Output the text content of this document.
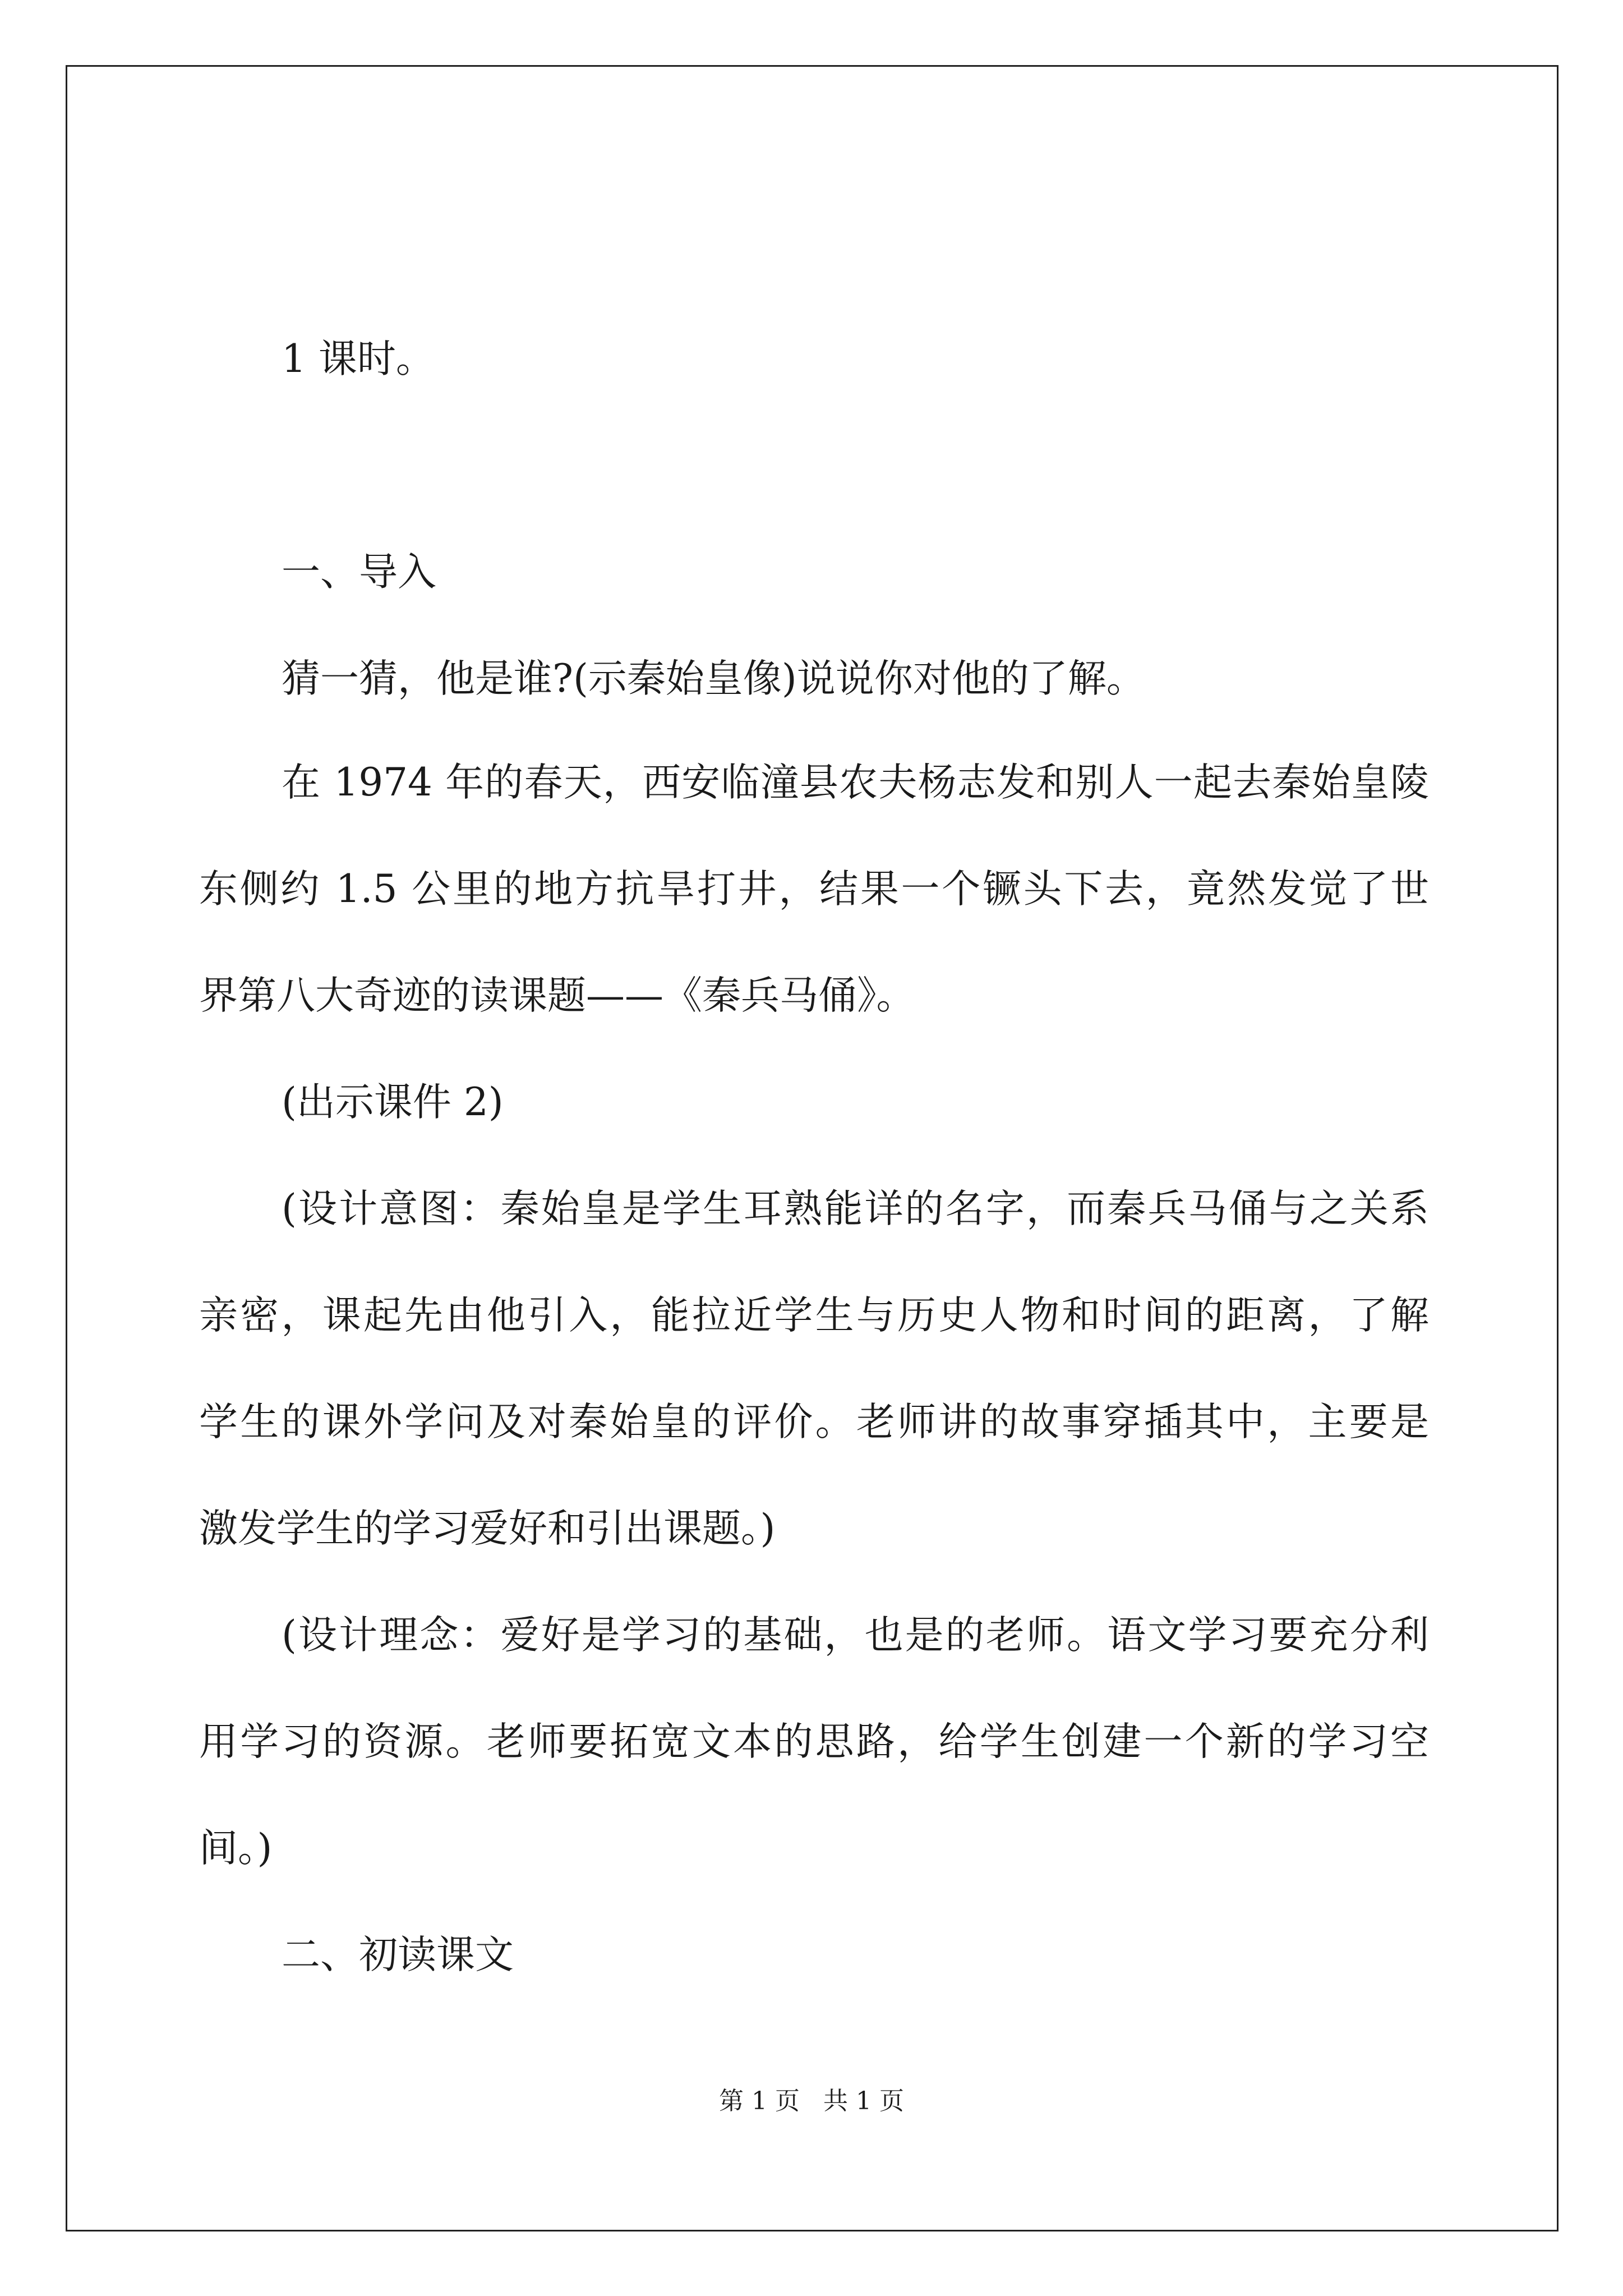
1 课时。
一、导入
猜一猜，他是谁?(示秦始皇像)说说你对他的了解。
在 1974 年的春天，西安临潼县农夫杨志发和别人一起去秦始皇陵
东侧约 1.5 公里的地方抗旱打井，结果一个镢头下去，竟然发觉了世
界第八大奇迹的读课题——《秦兵马俑》。
(出示课件 2)
(设计意图：秦始皇是学生耳熟能详的名字，而秦兵马俑与之关系
亲密，课起先由他引入，能拉近学生与历史人物和时间的距离，了解
学生的课外学问及对秦始皇的评价。老师讲的故事穿插其中，主要是
激发学生的学习爱好和引出课题。)
(设计理念：爱好是学习的基础，也是的老师。语文学习要充分利
用学习的资源。老师要拓宽文本的思路，给学生创建一个新的学习空
间。)
二、初读课文
第 1 页   共 1 页
